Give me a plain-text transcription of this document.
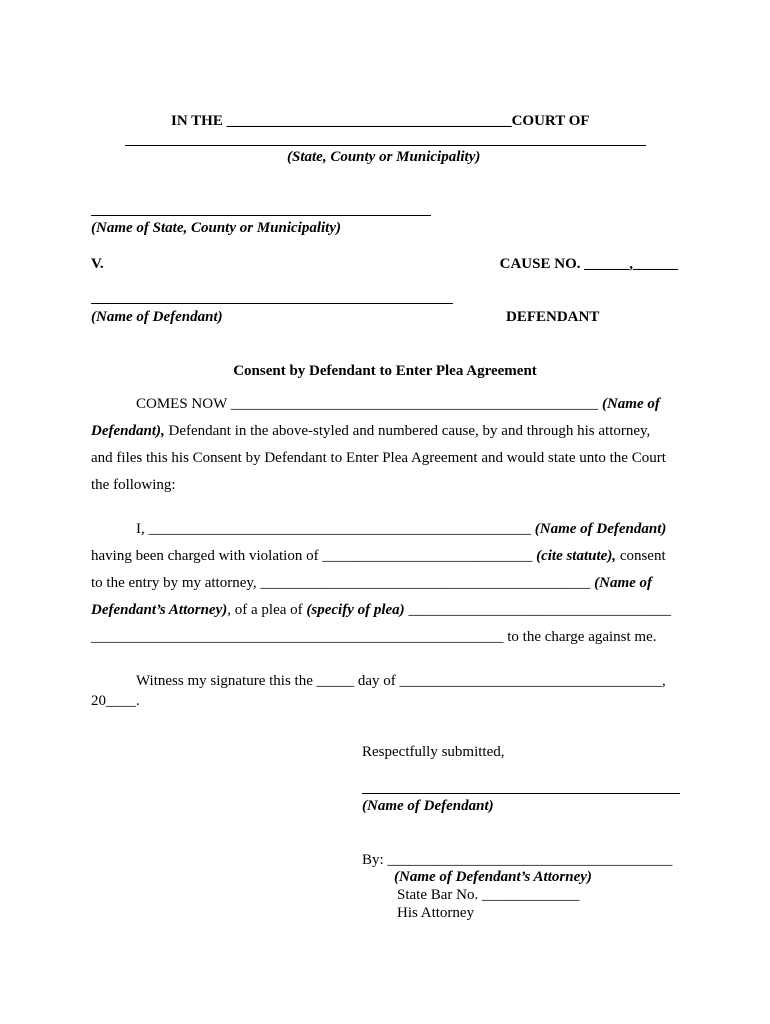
IN THE ______________________________________COURT OF
(State, County or Municipality)
(Name of State, County or Municipality)
V.	CAUSE NO. ______,______
(Name of Defendant)	DEFENDANT
Consent by Defendant to Enter Plea Agreement
COMES NOW _________________________________________________ (Name of
Defendant), Defendant in the above-styled and numbered cause, by and through his attorney,
and files this his Consent by Defendant to Enter Plea Agreement and would state unto the Court
the following:
I, ___________________________________________________ (Name of Defendant)
having been charged with violation of ____________________________ (cite statute), consent
to the entry by my attorney, ____________________________________________ (Name of
Defendant’s Attorney), of a plea of (specify of plea) ___________________________________
_______________________________________________________ to the charge against me.
Witness my signature this the _____ day of ___________________________________,
20____.
Respectfully submitted,
(Name of Defendant)
By: ______________________________________
(Name of Defendant’s Attorney)
State Bar No. _____________
His Attorney
